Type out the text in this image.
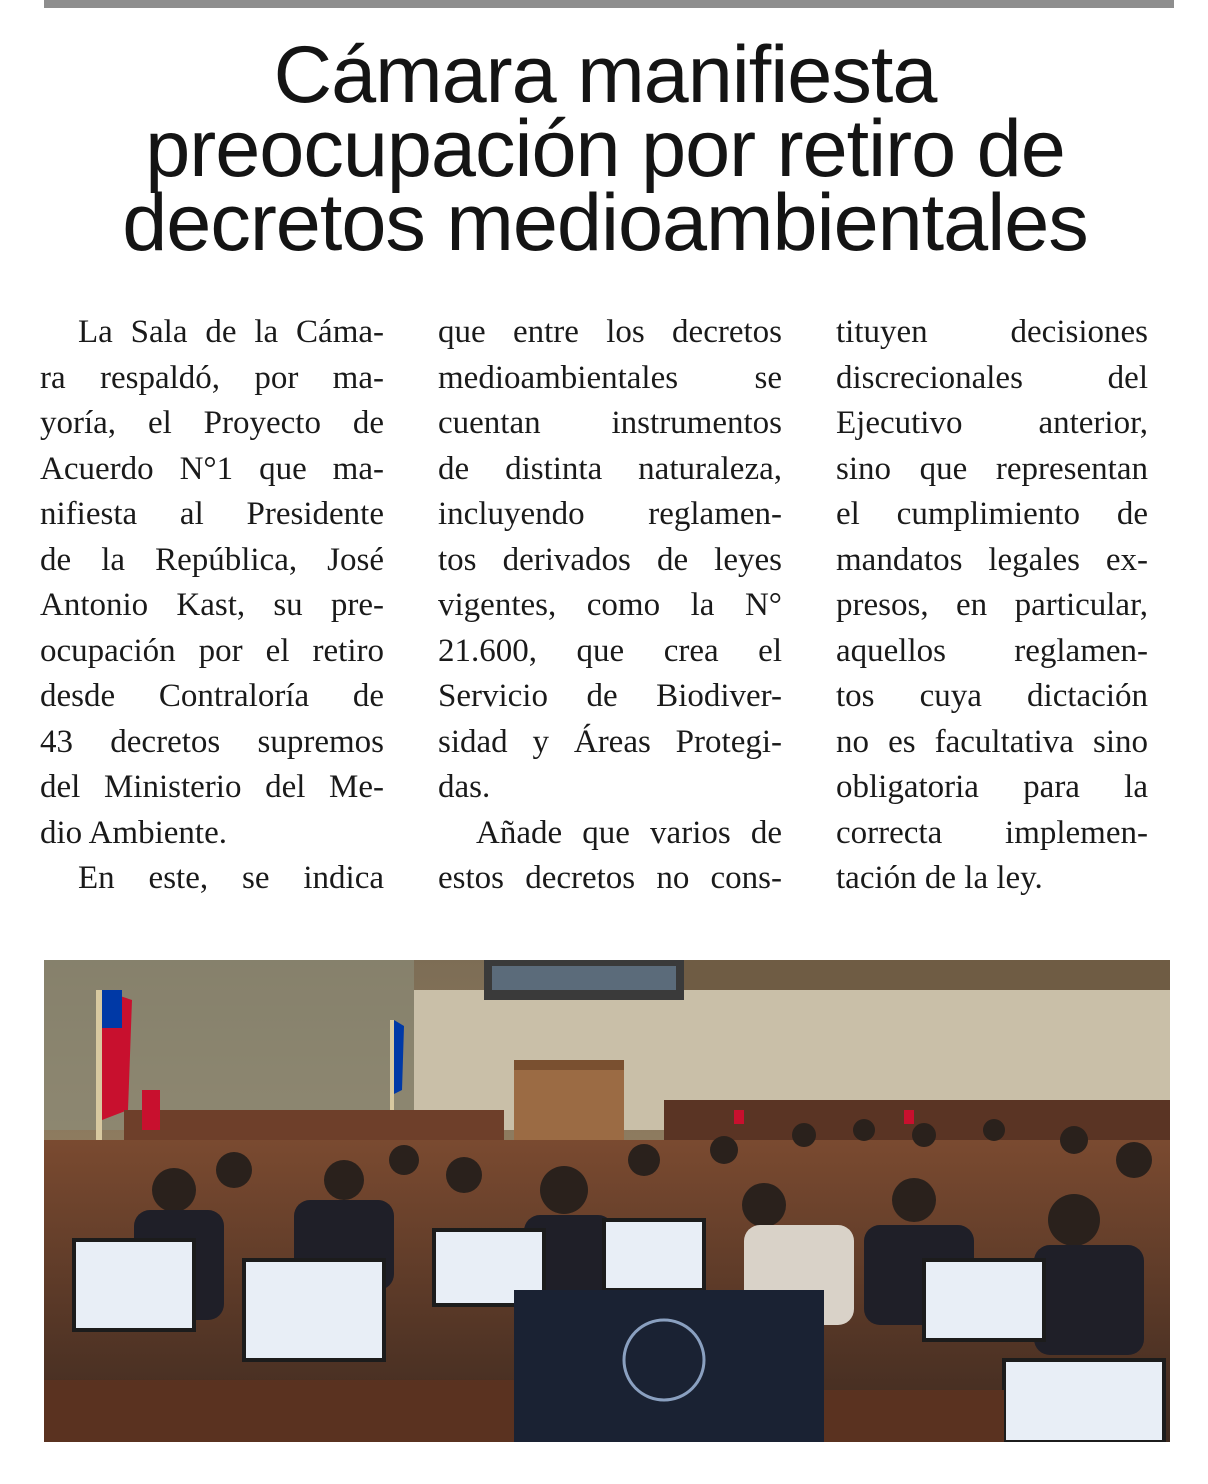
Cámara manifiesta
preocupación por retiro de
decretos medioambientales

La Sala de la Cáma-

ra respaldó, por ma-

yoría, el Proyecto de

Acuerdo N°1 que ma-

nifiesta al Presidente

de la República, José

Antonio Kast, su pre-

ocupación por el retiro

desde Contraloría de

43 decretos supremos

del Ministerio del Me-

dio Ambiente.

En este, se indica

que entre los decretos

medioambientales se

cuentan instrumentos

de distinta naturaleza,

incluyendo reglamen-

tos derivados de leyes

vigentes, como la N°

21.600, que crea el

Servicio de Biodiver-

sidad y Áreas Protegi-

das.

Añade que varios de

estos decretos no cons-

tituyen decisiones

discrecionales del

Ejecutivo anterior,

sino que representan

el cumplimiento de

mandatos legales ex-

presos, en particular,

aquellos reglamen-

tos cuya dictación

no es facultativa sino

obligatoria para la

correcta implemen-

tación de la ley.
